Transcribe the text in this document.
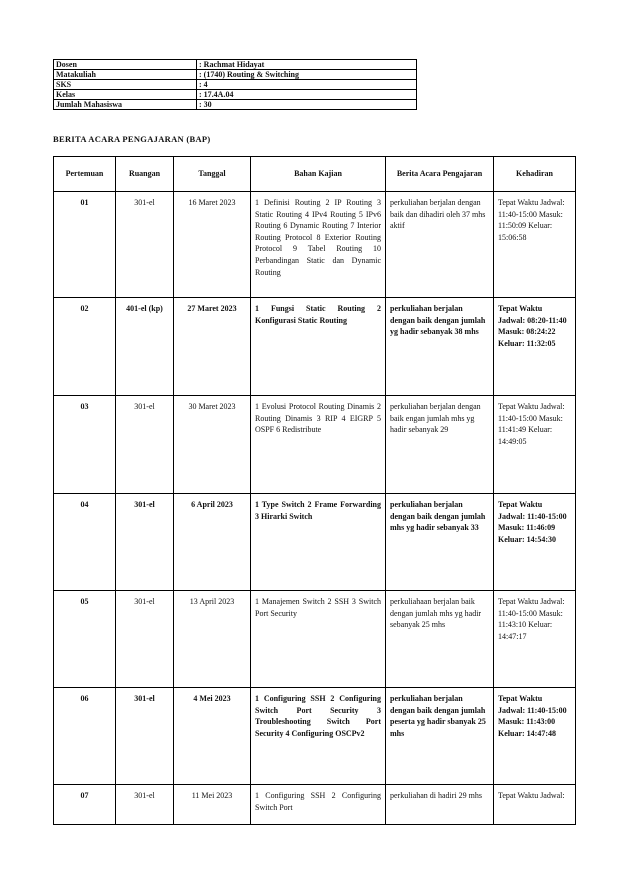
Dosen	: Rachmat Hidayat
Matakuliah	: (1740) Routing & Switching
SKS	: 4
Kelas	: 17.4A.04
Jumlah Mahasiswa	: 30
BERITA ACARA PENGAJARAN (BAP)
Pertemuan	Ruangan	Tanggal	Bahan Kajian	Berita Acara Pengajaran	Kehadiran
01	301-el	16 Maret 2023	1 Definisi Routing 2 IP Routing 3 Static Routing 4 IPv4 Routing 5 IPv6 Routing 6 Dynamic Routing 7 Interior Routing Protocol 8 Exterior Routing Protocol 9 Tabel Routing 10 Perbandingan Static dan Dynamic Routing	perkuliahan berjalan dengan baik dan dihadiri oleh 37 mhs aktif	Tepat Waktu Jadwal: 11:40-15:00 Masuk: 11:50:09 Keluar: 15:06:58
02	401-el (kp)	27 Maret 2023	1 Fungsi Static Routing 2 Konfigurasi Static Routing	perkuliahan berjalan dengan baik dengan jumlah yg hadir sebanyak 38 mhs	Tepat Waktu Jadwal: 08:20-11:40 Masuk: 08:24:22 Keluar: 11:32:05
03	301-el	30 Maret 2023	1 Evolusi Protocol Routing Dinamis 2 Routing Dinamis 3 RIP 4 EIGRP 5 OSPF 6 Redistribute	perkuliahan berjalan dengan baik engan jumlah mhs yg hadir sebanyak 29	Tepat Waktu Jadwal: 11:40-15:00 Masuk: 11:41:49 Keluar: 14:49:05
04	301-el	6 April 2023	1 Type Switch 2 Frame Forwarding 3 Hirarki Switch	perkuliahan berjalan dengan baik dengan jumlah mhs yg hadir sebanyak 33	Tepat Waktu Jadwal: 11:40-15:00 Masuk: 11:46:09 Keluar: 14:54:30
05	301-el	13 April 2023	1 Manajemen Switch 2 SSH 3 Switch Port Security	perkuliahaan berjalan baik dengan jumlah mhs yg hadir sebanyak 25 mhs	Tepat Waktu Jadwal: 11:40-15:00 Masuk: 11:43:10 Keluar: 14:47:17
06	301-el	4 Mei 2023	1 Configuring SSH 2 Configuring Switch Port Security 3 Troubleshooting Switch Port Security 4 Configuring OSCPv2	perkuliahan berjalan dengan baik dengan jumlah peserta yg hadir sbanyak 25 mhs	Tepat Waktu Jadwal: 11:40-15:00 Masuk: 11:43:00 Keluar: 14:47:48
07	301-el	11 Mei 2023	1 Configuring SSH 2 Configuring Switch Port	perkuliahan di hadiri 29 mhs	Tepat Waktu Jadwal:
